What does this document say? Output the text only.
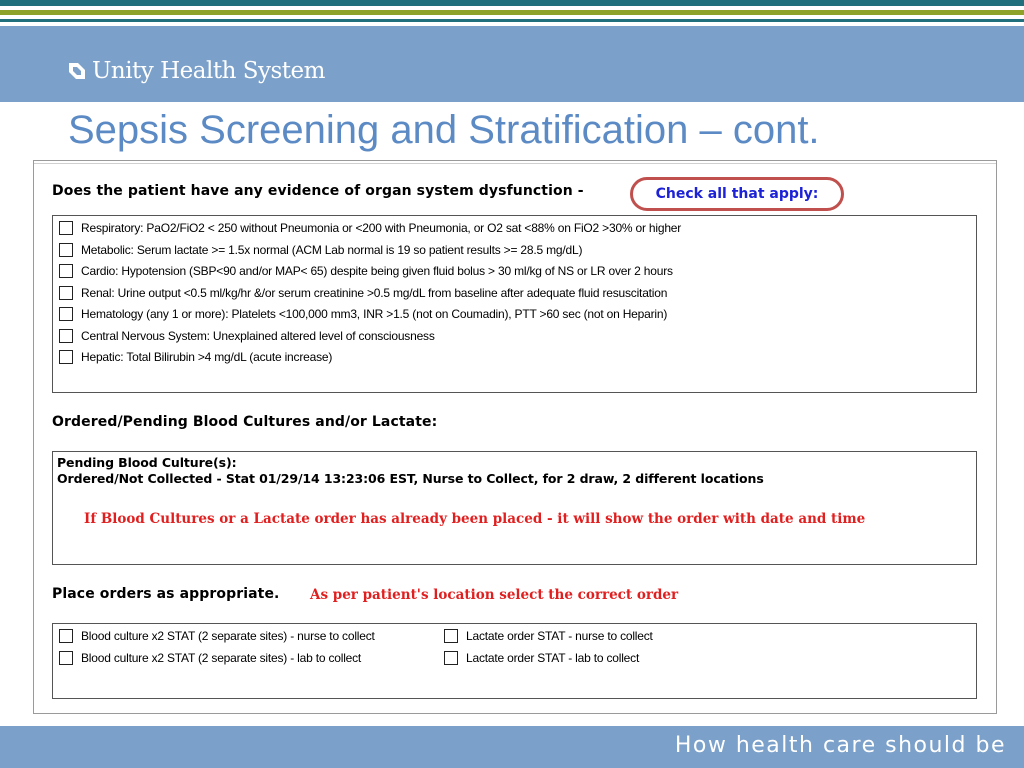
Unity Health System
Sepsis Screening and Stratification – cont.
Does the patient have any evidence of organ system dysfunction -	Check all that apply:
Respiratory: PaO2/FiO2 < 250 without Pneumonia or <200 with Pneumonia, or O2 sat <88% on FiO2 >30% or higher
Metabolic: Serum lactate >= 1.5x normal (ACM Lab normal is 19 so patient results >= 28.5 mg/dL)
Cardio: Hypotension (SBP<90 and/or MAP< 65) despite being given fluid bolus > 30 ml/kg of NS or LR over 2 hours
Renal: Urine output <0.5 ml/kg/hr &/or serum creatinine >0.5 mg/dL from baseline after adequate fluid resuscitation
Hematology (any 1 or more): Platelets <100,000 mm3, INR >1.5 (not on Coumadin), PTT >60 sec (not on Heparin)
Central Nervous System: Unexplained altered level of consciousness
Hepatic: Total Bilirubin >4 mg/dL (acute increase)
Ordered/Pending Blood Cultures and/or Lactate:
Pending Blood Culture(s):
Ordered/Not Collected - Stat 01/29/14 13:23:06 EST, Nurse to Collect, for 2 draw, 2 different locations
If Blood Cultures or a Lactate order has already been placed - it will show the order with date and time
Place orders as appropriate. As per patient's location select the correct order
Blood culture x2 STAT (2 separate sites) - nurse to collect	Lactate order STAT - nurse to collect
Blood culture x2 STAT (2 separate sites) - lab to collect	Lactate order STAT - lab to collect
How health care should be
